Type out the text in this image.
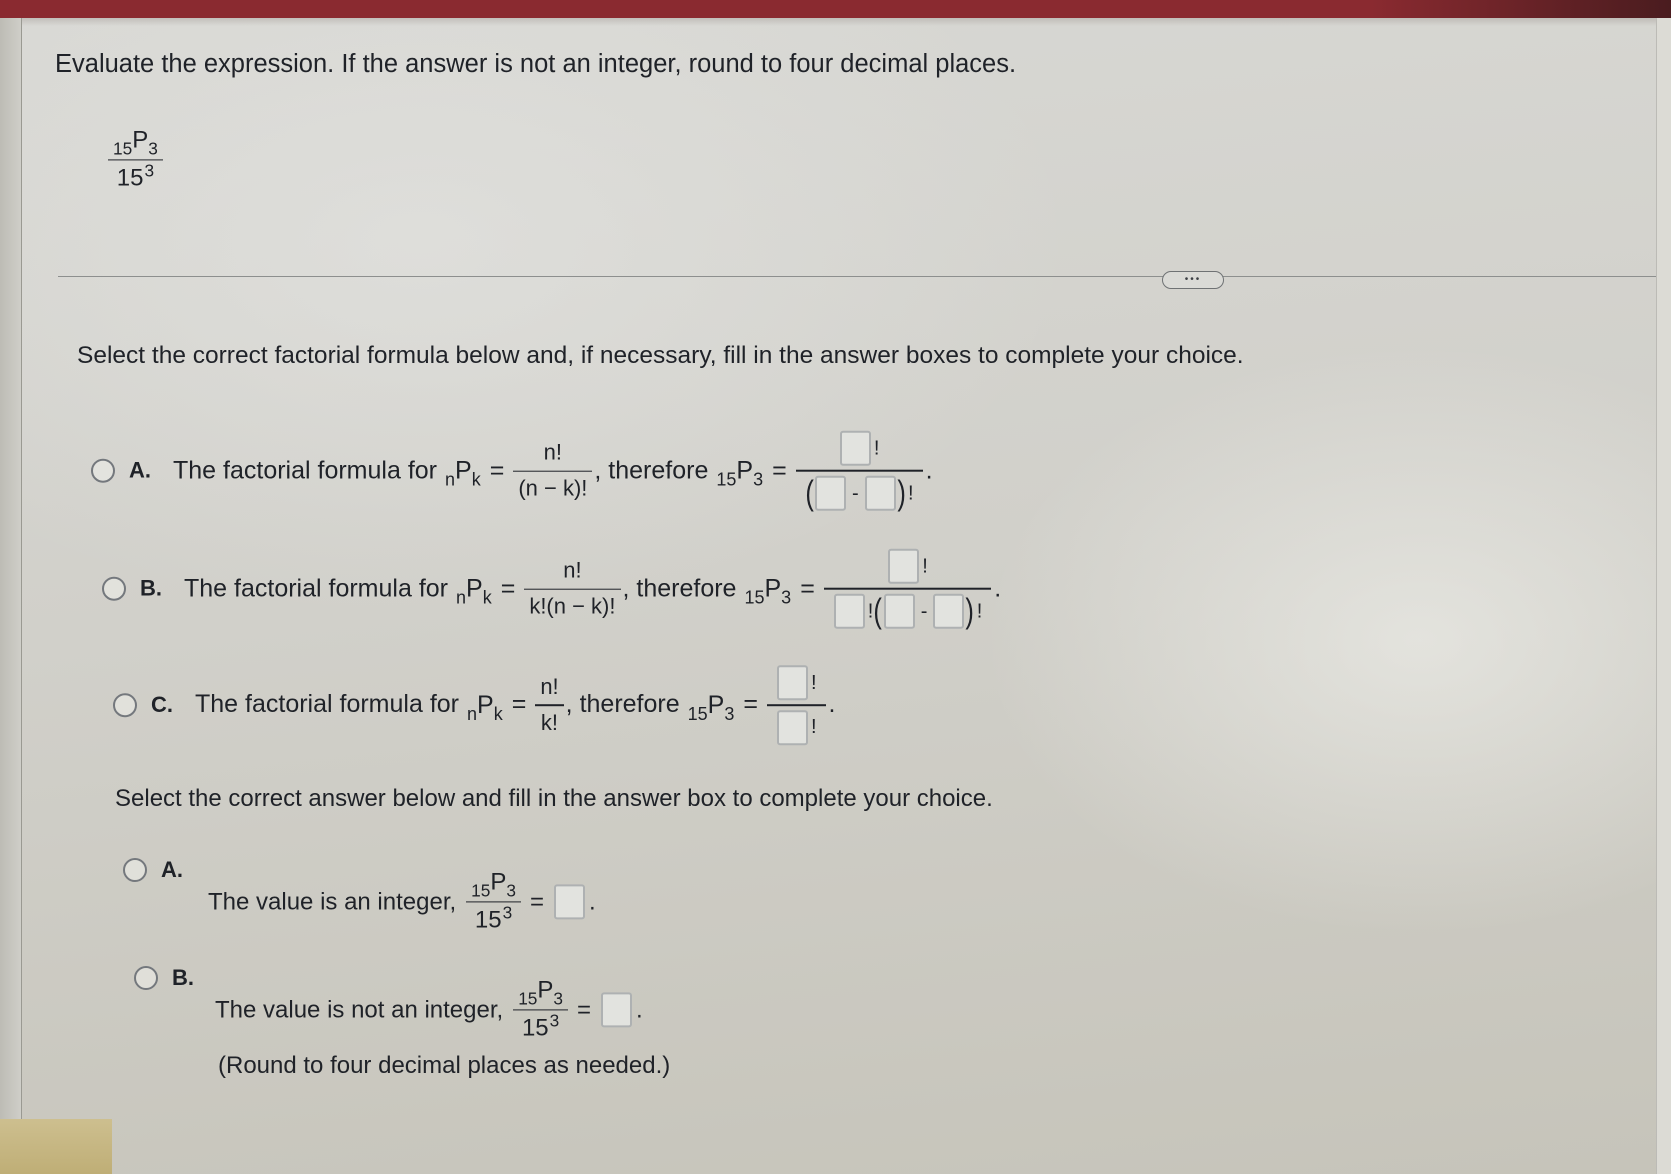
Evaluate the expression. If the answer is not an integer, round to four decimal places.
$\frac{_{15}P_3}{15^3}$
•••
Select the correct factorial formula below and, if necessary, fill in the answer boxes to complete your choice.
A. The factorial formula for $_nP_k = \frac{n!}{(n - k)!}$ , therefore $_{15}P_3 = \frac{!}{( - ) !}$ .
B. The factorial formula for $_nP_k = \frac{n!}{k!(n - k)!}$ , therefore $_{15}P_3 = \frac{!}{! ( - ) !}$ .
C. The factorial formula for $_nP_k = \frac{n!}{k!}$ , therefore $_{15}P_3 = \frac{!}{!}$ .
Select the correct answer below and fill in the answer box to complete your choice.
A.
The value is an integer, $\frac{_{15}P_3}{15^3}$ = .
B.
The value is not an integer, $\frac{_{15}P_3}{15^3}$ = .
(Round to four decimal places as needed.)
